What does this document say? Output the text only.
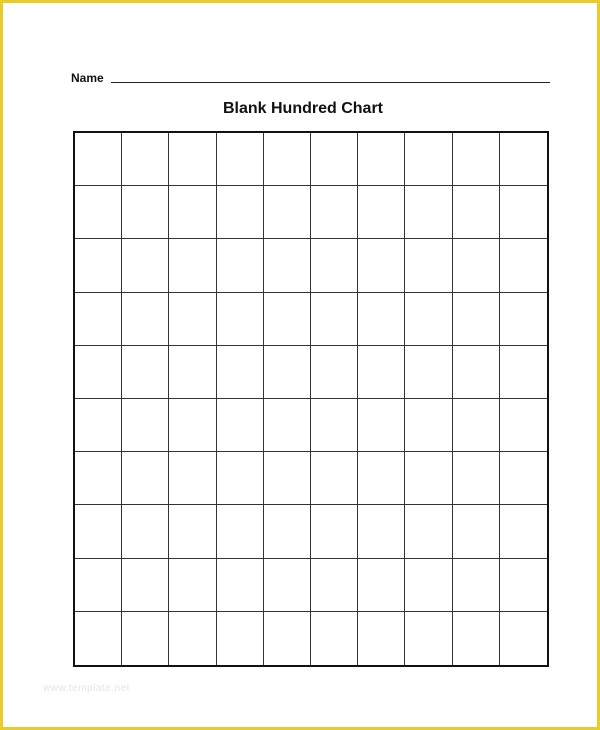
Name
Blank Hundred Chart
www.template.net
